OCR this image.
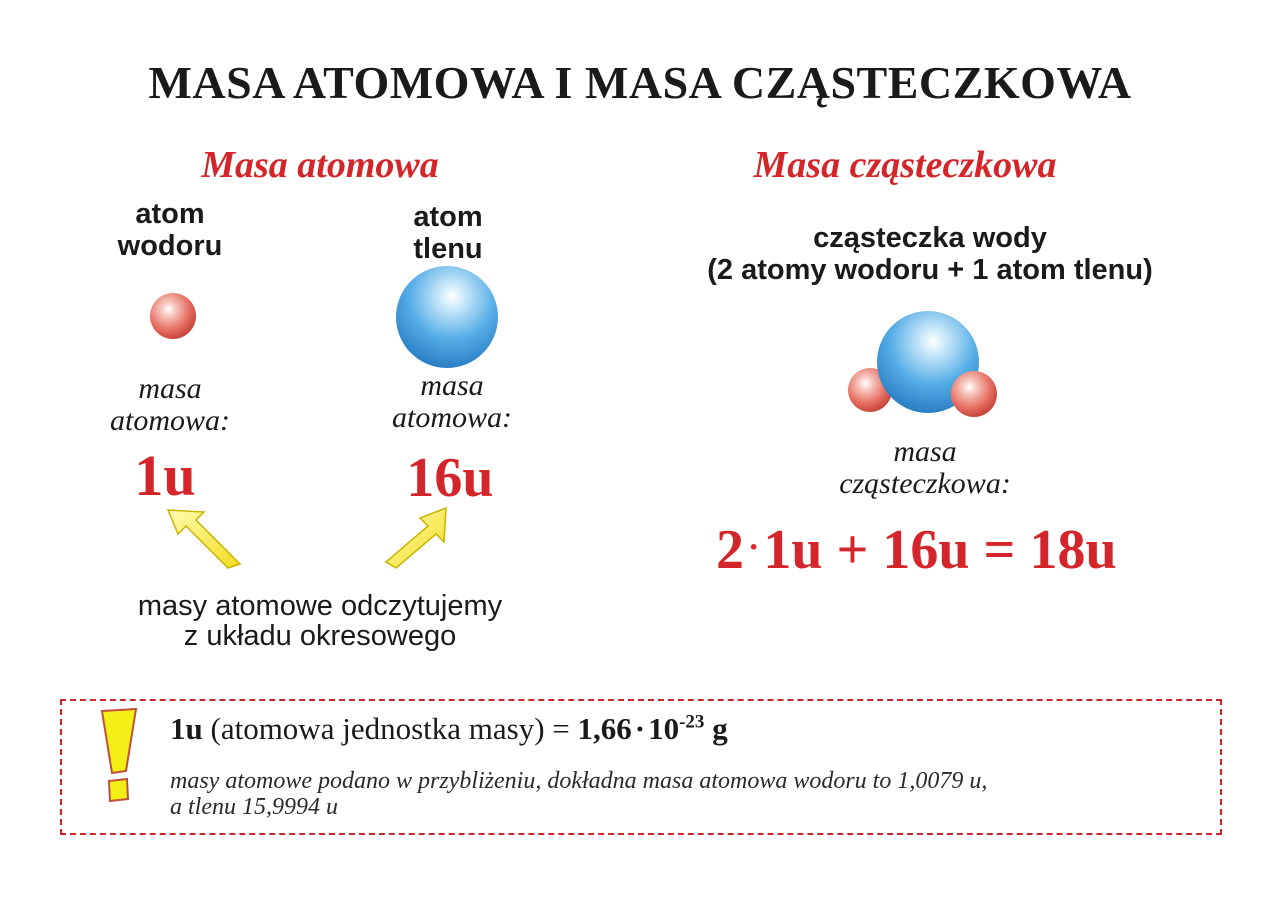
MASA ATOMOWA I MASA CZĄSTECZKOWA
Masa atomowa
atom
wodoru
atom
tlenu
masa
atomowa:
masa
atomowa:
1u	16u
masy atomowe odczytujemy
z układu okresowego
Masa cząsteczkowa
cząsteczka wody
(2 atomy wodoru + 1 atom tlenu)
masa
cząsteczkowa:
2 ·1u + 16u = 18u
1u (atomowa jednostka masy) = $1,66\cdot 10^{-23}$ g
masy atomowe podano w przybliżeniu, dokładna masa atomowa wodoru to 1,0079 u,
a tlenu 15,9994 u
